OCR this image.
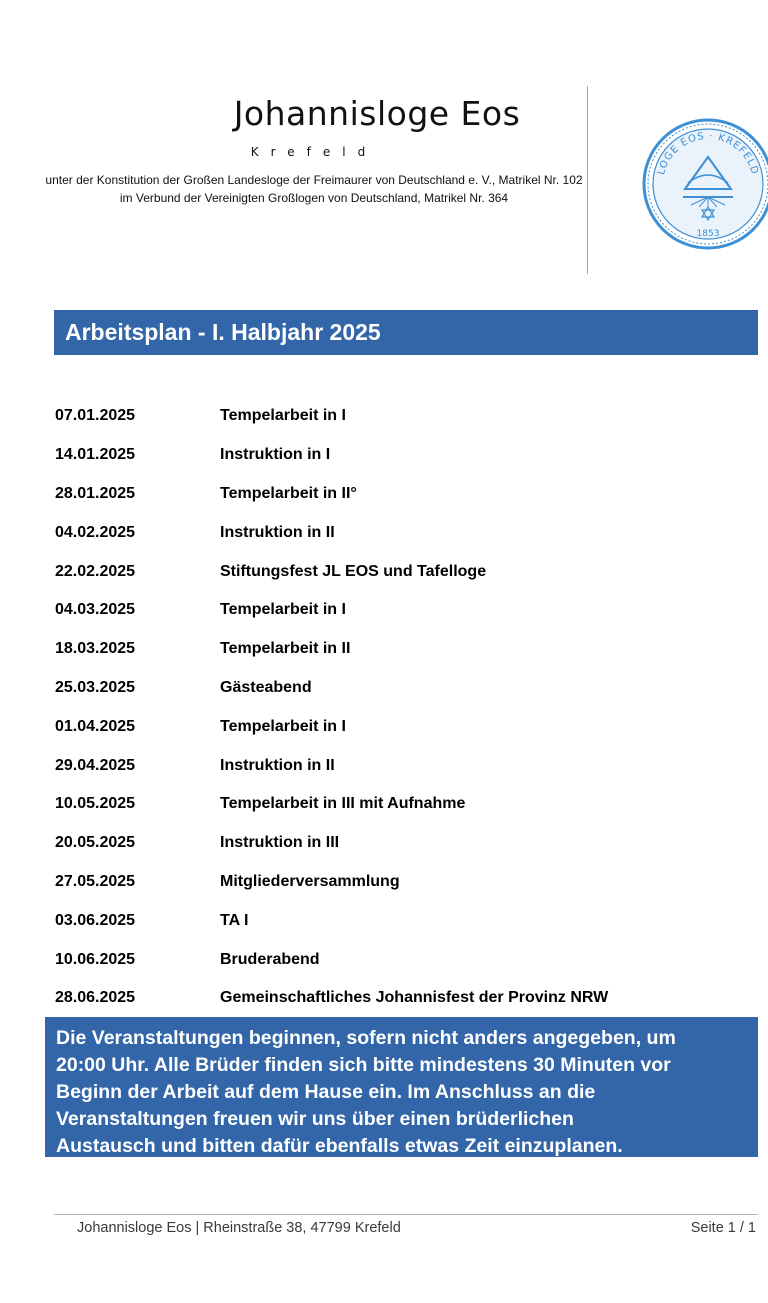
Johannisloge Eos
Krefeld
unter der Konstitution der Großen Landesloge der Freimaurer von Deutschland e. V., Matrikel Nr. 102
im Verbund der Vereinigten Großlogen von Deutschland, Matrikel Nr. 364
LOGE EOS · KREFELD
1853
Arbeitsplan - I. Halbjahr 2025
07.01.2025	Tempelarbeit in I
14.01.2025	Instruktion in I
28.01.2025	Tempelarbeit in II°
04.02.2025	Instruktion in II
22.02.2025	Stiftungsfest JL EOS und Tafelloge
04.03.2025	Tempelarbeit in I
18.03.2025	Tempelarbeit in II
25.03.2025	Gästeabend
01.04.2025	Tempelarbeit in I
29.04.2025	Instruktion in II
10.05.2025	Tempelarbeit in III mit Aufnahme
20.05.2025	Instruktion in III
27.05.2025	Mitgliederversammlung
03.06.2025	TA I
10.06.2025	Bruderabend
28.06.2025	Gemeinschaftliches Johannisfest der Provinz NRW
Die Veranstaltungen beginnen, sofern nicht anders angegeben, um
20:00 Uhr. Alle Brüder finden sich bitte mindestens 30 Minuten vor
Beginn der Arbeit auf dem Hause ein. Im Anschluss an die
Veranstaltungen freuen wir uns über einen brüderlichen
Austausch und bitten dafür ebenfalls etwas Zeit einzuplanen.
Johannisloge Eos | Rheinstraße 38, 47799 Krefeld	Seite 1 / 1
